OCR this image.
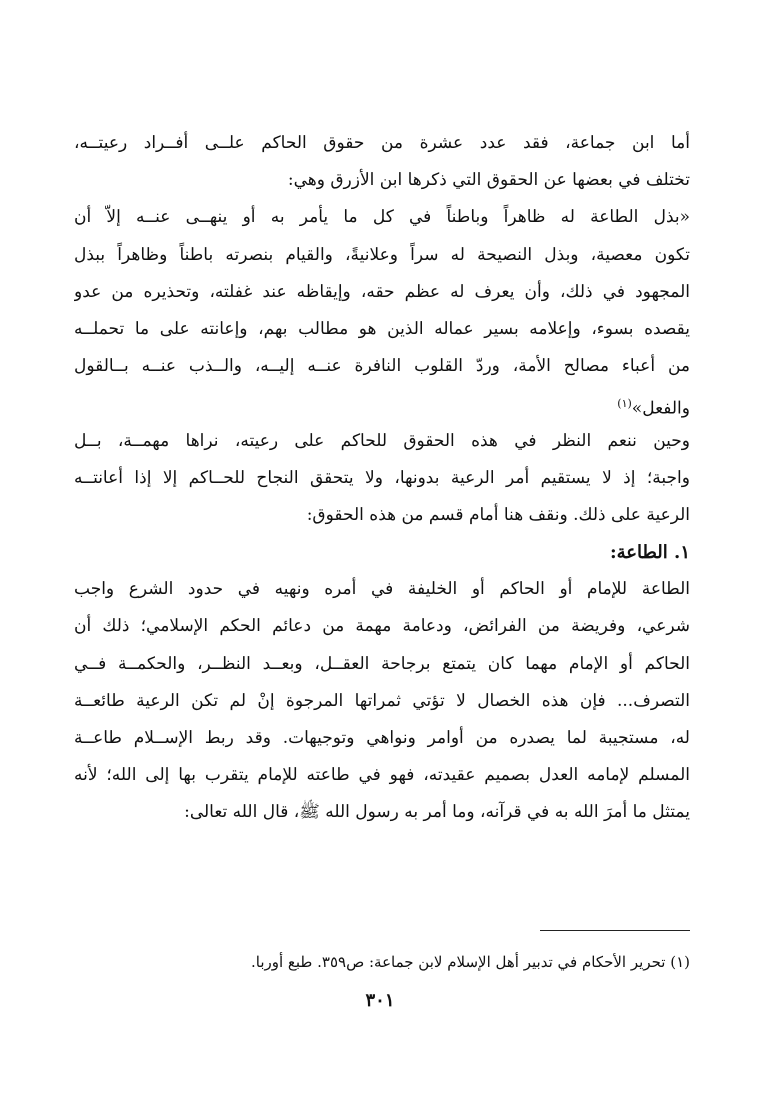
أما ابن جماعة، فقد عدد عشرة من حقوق الحاكم علــى أفــراد رعيتــه،
تختلف في بعضها عن الحقوق التي ذكرها ابن الأزرق وهي:
«بذل الطاعة له ظاهراً وباطناً في كل ما يأمر به أو ينهــى عنــه إلاّ أن
تكون معصية، وبذل النصيحة له سراً وعلانيةً، والقيام بنصرته باطناً وظاهراً ببذل
المجهود في ذلك، وأن يعرف له عظم حقه، وإيقاظه عند غفلته، وتحذيره من عدو
يقصده بسوء، وإعلامه بسير عماله الذين هو مطالب بهم، وإعانته على ما تحملــه
من أعباء مصالح الأمة، وردّ القلوب النافرة عنــه إليــه، والــذب عنــه بــالقول
والفعل»$^{(١)}$
وحين ننعم النظر في هذه الحقوق للحاكم على رعيته، نراها مهمــة، بــل
واجبة؛ إذ لا يستقيم أمر الرعية بدونها، ولا يتحقق النجاح للحــاكم إلا إذا أعانتــه
الرعية على ذلك. ونقف هنا أمام قسم من هذه الحقوق:
١. الطاعة:
الطاعة للإمام أو الحاكم أو الخليفة في أمره ونهيه في حدود الشرع واجب
شرعي، وفريضة من الفرائض، ودعامة مهمة من دعائم الحكم الإسلامي؛ ذلك أن
الحاكم أو الإمام مهما كان يتمتع برجاحة العقــل، وبعــد النظــر، والحكمــة فــي
التصرف... فإن هذه الخصال لا تؤتي ثمراتها المرجوة إنْ لم تكن الرعية طائعــة
له، مستجيبة لما يصدره من أوامر ونواهي وتوجيهات. وقد ربط الإســلام طاعــة
المسلم لإمامه العدل بصميم عقيدته، فهو في طاعته للإمام يتقرب بها إلى الله؛ لأنه
يمتثل ما أمرَ الله به في قرآنه، وما أمر به رسول الله ﷺ، قال الله تعالى:
(١) تحرير الأحكام في تدبير أهل الإسلام لابن جماعة: ص٣٥٩. طبع أوربا.
٣٠١
